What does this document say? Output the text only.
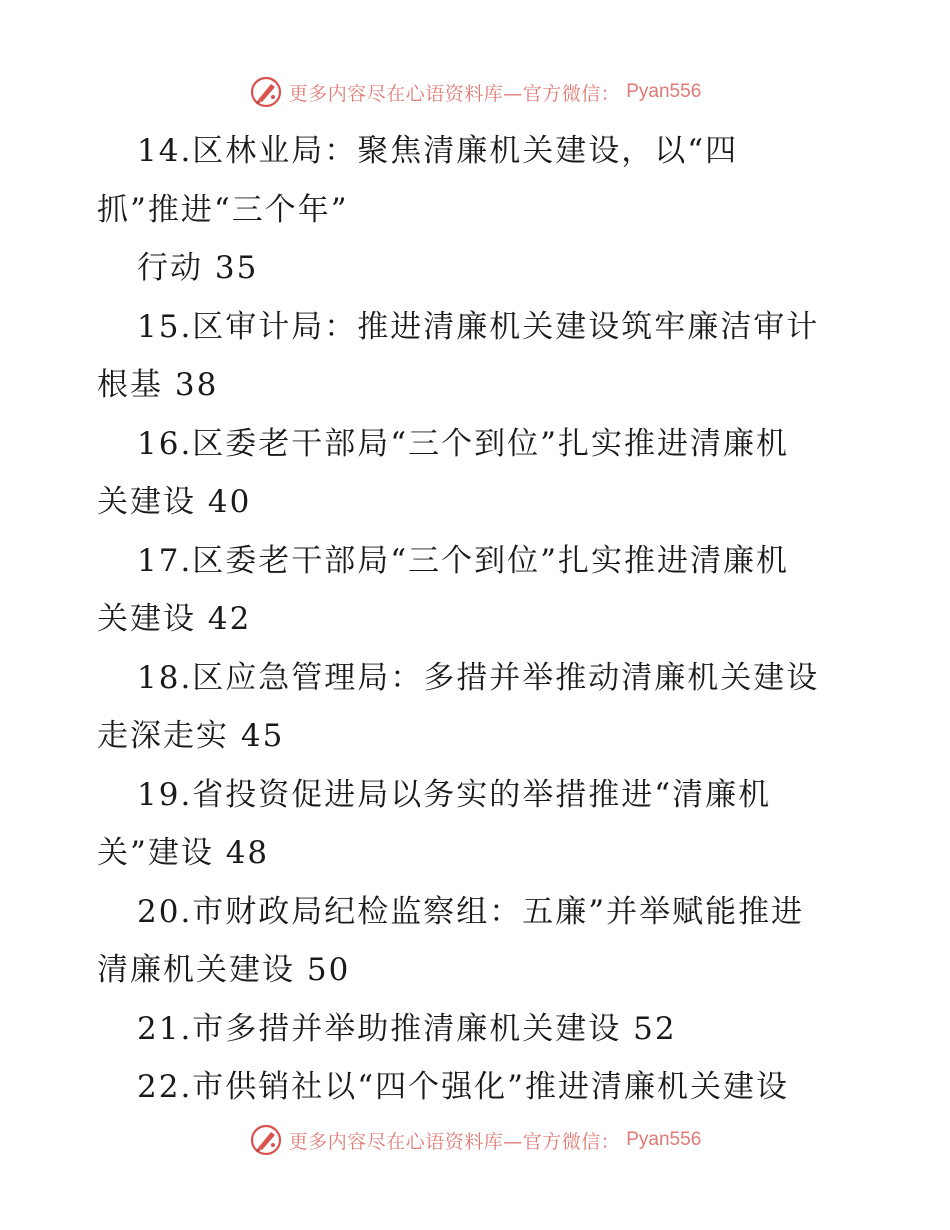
更多内容尽在心语资料库—官方微信： Pyan556
14.区林业局：聚焦清廉机关建设，以“四
抓”推进“三个年”
行动 35
15.区审计局：推进清廉机关建设筑牢廉洁审计
根基 38
16.区委老干部局“三个到位”扎实推进清廉机
关建设 40
17.区委老干部局“三个到位”扎实推进清廉机
关建设 42
18.区应急管理局：多措并举推动清廉机关建设
走深走实 45
19.省投资促进局以务实的举措推进“清廉机
关”建设 48
20.市财政局纪检监察组：五廉”并举赋能推进
清廉机关建设 50
21.市多措并举助推清廉机关建设 52
22.市供销社以“四个强化”推进清廉机关建设
更多内容尽在心语资料库—官方微信： Pyan556
